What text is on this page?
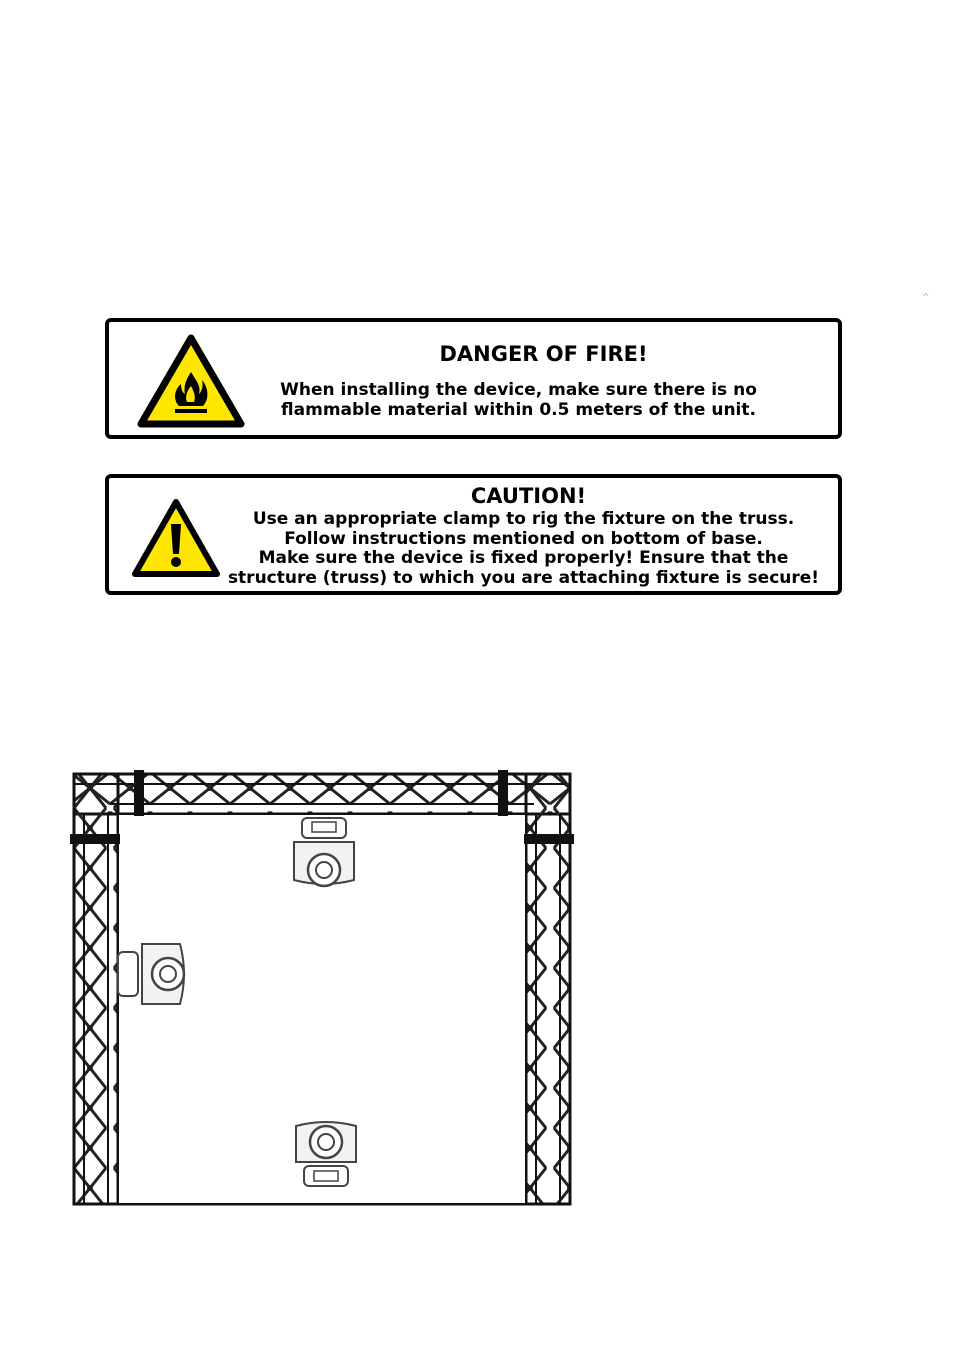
^
DANGER OF FIRE!
When installing the device, make sure there is no
flammable material within 0.5 meters of the unit.
CAUTION!
Use an appropriate clamp to rig the fixture on the truss.
Follow instructions mentioned on bottom of base.
Make sure the device is fixed properly! Ensure that the
structure (truss) to which you are attaching fixture is secure!
